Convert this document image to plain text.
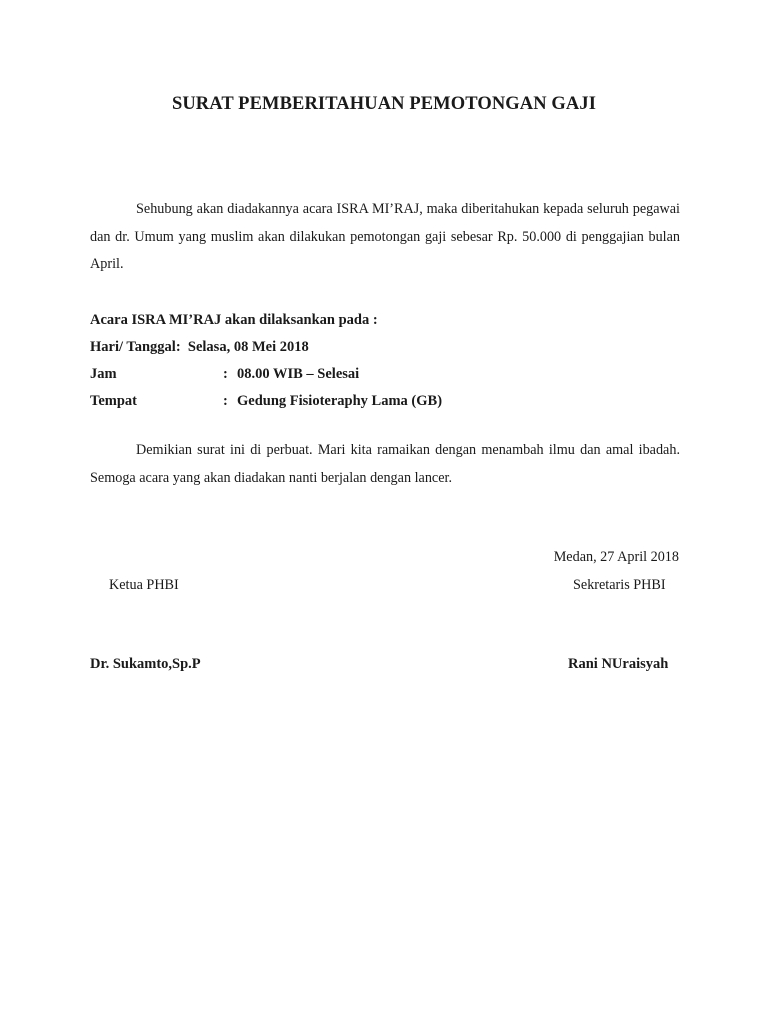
SURAT PEMBERITAHUAN PEMOTONGAN GAJI
Sehubung akan diadakannya acara ISRA MI’RAJ, maka diberitahukan kepada seluruh pegawai dan dr. Umum yang muslim akan dilakukan pemotongan gaji sebesar Rp. 50.000 di penggajian bulan April.
Acara ISRA MI’RAJ akan dilaksankan pada :
Hari/ Tanggal: Selasa, 08 Mei 2018
Jam	: 08.00 WIB – Selesai
Tempat	: Gedung Fisioteraphy Lama (GB)
Demikian surat ini di perbuat. Mari kita ramaikan dengan menambah ilmu dan amal ibadah. Semoga acara yang akan diadakan nanti berjalan dengan lancer.
Medan, 27 April 2018
Ketua PHBI	Sekretaris PHBI
Dr. Sukamto,Sp.P	Rani NUraisyah
